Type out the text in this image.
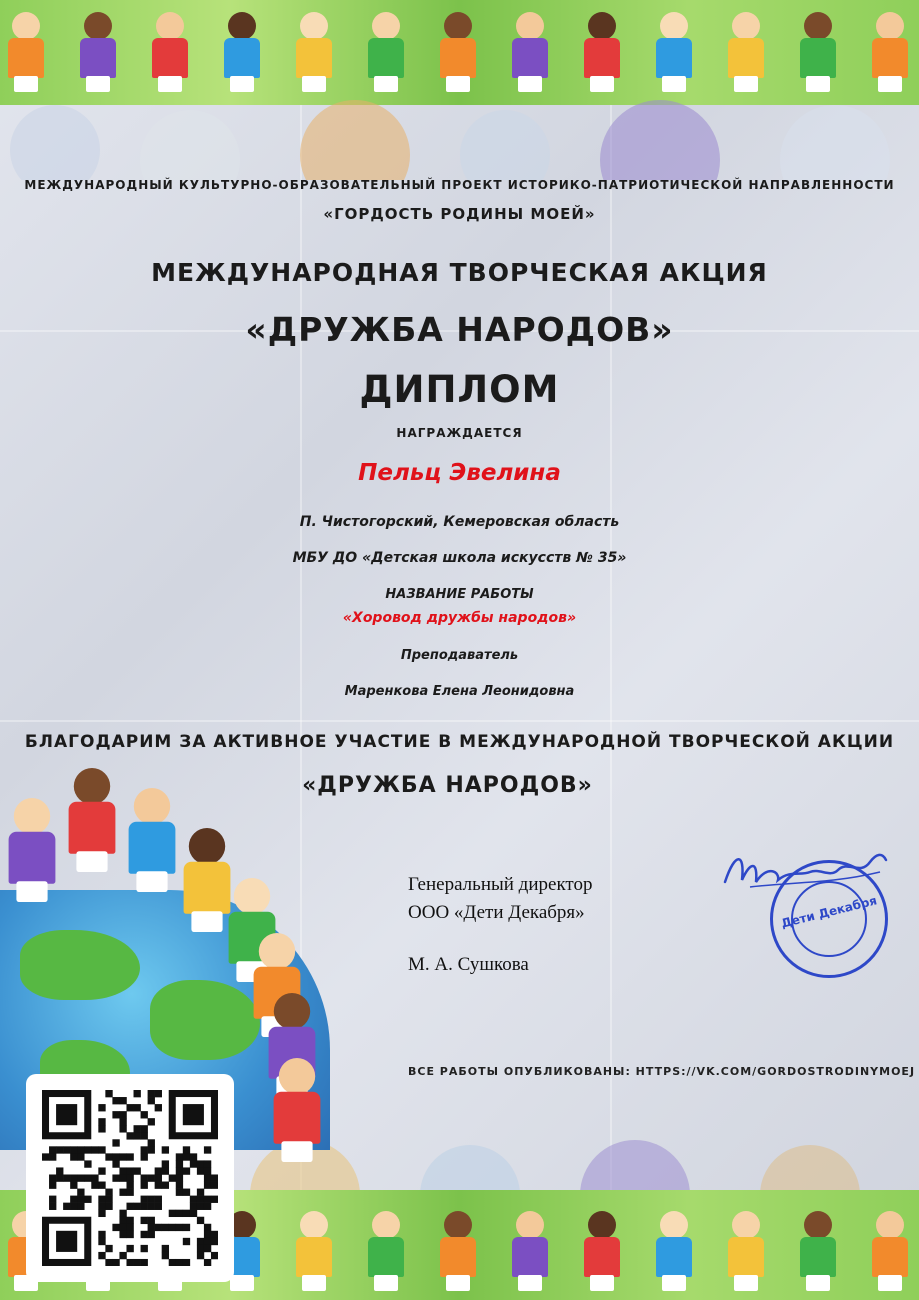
МЕЖДУНАРОДНЫЙ КУЛЬТУРНО-ОБРАЗОВАТЕЛЬНЫЙ ПРОЕКТ ИСТОРИКО-ПАТРИОТИЧЕСКОЙ НАПРАВЛЕННОСТИ

«ГОРДОСТЬ РОДИНЫ МОЕЙ»

МЕЖДУНАРОДНАЯ ТВОРЧЕСКАЯ АКЦИЯ

«ДРУЖБА НАРОДОВ»

ДИПЛОМ

НАГРАЖДАЕТСЯ

Пельц Эвелина

П. Чистогорский, Кемеровская область

МБУ ДО «Детская школа искусств № 35»

НАЗВАНИЕ РАБОТЫ

«Хоровод дружбы народов»

Преподаватель

Маренкова Елена Леонидовна

БЛАГОДАРИМ ЗА АКТИВНОЕ УЧАСТИЕ В МЕЖДУНАРОДНОЙ ТВОРЧЕСКОЙ АКЦИИ

«ДРУЖБА НАРОДОВ»

Генеральный директор

ООО «Дети Декабря»

М. А. Сушкова

Дети Декабря

ВСЕ РАБОТЫ ОПУБЛИКОВАНЫ: HTTPS://VK.COM/GORDOSTRODINYMOEJ
